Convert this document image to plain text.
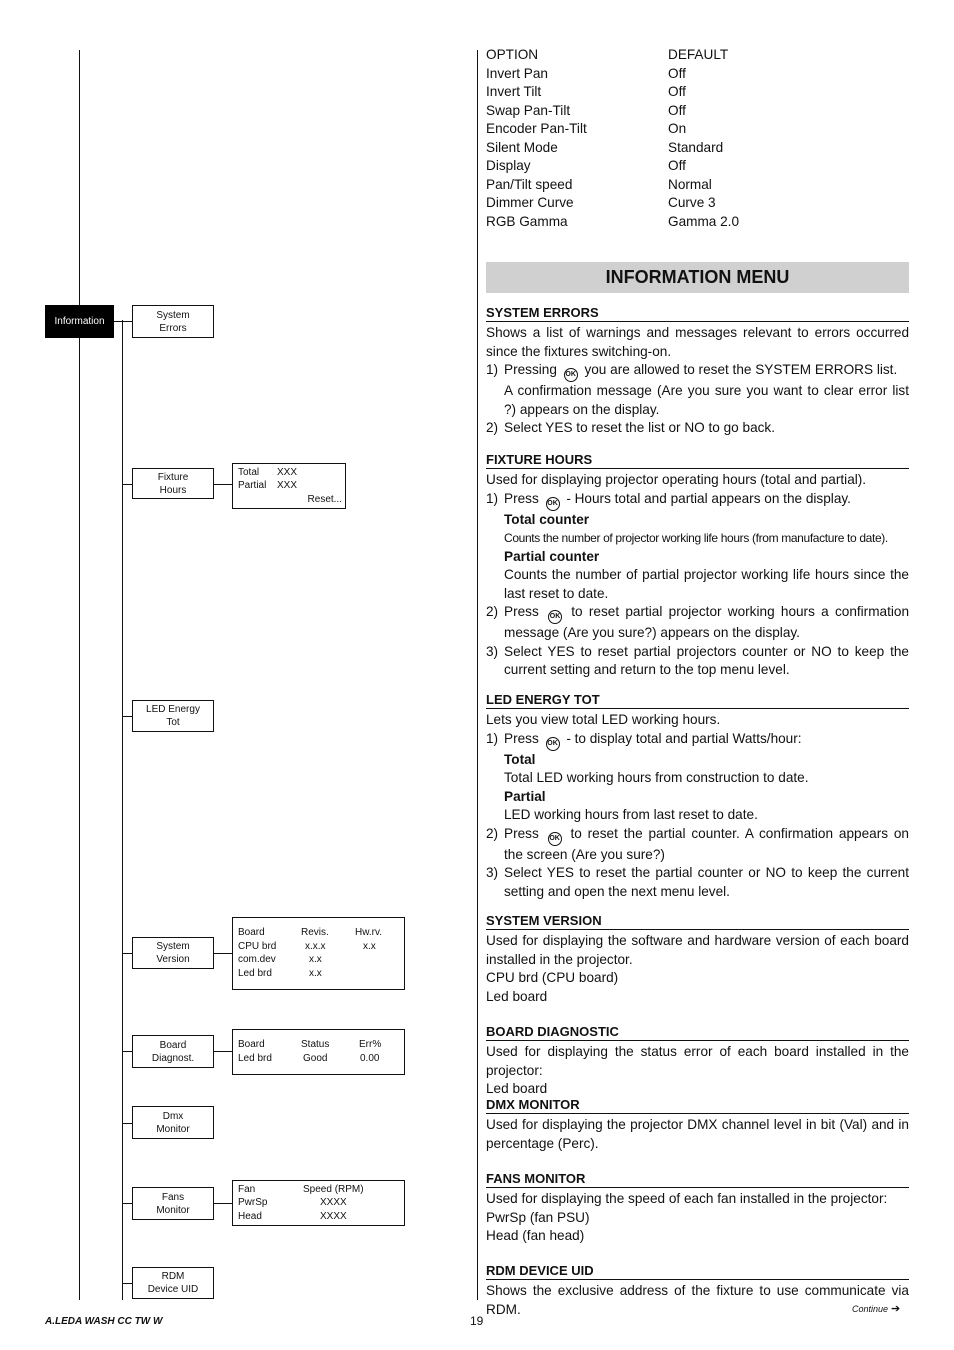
Information
System
Errors
Fixture
Hours
LED Energy
Tot
System
Version
Board
Diagnost.
Dmx
Monitor
Fans
Monitor
RDM
Device UID
Total XXX
Partial XXX
Reset...
Board	Revis.	Hw.rv.
CPU brd	x.x.x	x.x
com.dev	x.x
Led brd	x.x
Board	Status	Err%
Led brd	Good	0.00
Fan	Speed (RPM)
PwrSp	XXXX
Head	XXXX
OPTION	DEFAULT
Invert Pan	Off
Invert Tilt	Off
Swap Pan-Tilt	Off
Encoder Pan-Tilt	On
Silent Mode	Standard
Display	Off
Pan/Tilt speed	Normal
Dimmer Curve	Curve 3
RGB Gamma	Gamma 2.0
INFORMATION MENU
SYSTEM ERRORS
Shows a list of warnings and messages relevant to errors occurred since the fixtures switching-on.
1) Pressing OK you are allowed to reset the SYSTEM ERRORS list.
A confirmation message (Are you sure you want to clear error list ?) appears on the display.
2) Select YES to reset the list or NO to go back.
FIXTURE HOURS
Used for displaying projector operating hours (total and partial).
1) Press OK - Hours total and partial appears on the display.
Total counter
Counts the number of projector working life hours (from manufacture to date).
Partial counter
Counts the number of partial projector working life hours since the last reset to date.
2) Press OK to reset partial projector working hours a confirmation message (Are you sure?) appears on the display.
3) Select YES to reset partial projectors counter or NO to keep the current setting and return to the top menu level.
LED ENERGY TOT
Lets you view total LED working hours.
1) Press OK - to display total and partial Watts/hour:
Total
Total LED working hours from construction to date.
Partial
LED working hours from last reset to date.
2) Press OK to reset the partial counter. A confirmation appears on the screen (Are you sure?)
3) Select YES to reset the partial counter or NO to keep the current setting and open the next menu level.
SYSTEM VERSION
Used for displaying the software and hardware version of each board installed in the projector.
CPU brd (CPU board)
Led board
BOARD DIAGNOSTIC
Used for displaying the status error of each board installed in the projector:
Led board
DMX MONITOR
Used for displaying the projector DMX channel level in bit (Val) and in percentage (Perc).
FANS MONITOR
Used for displaying the speed of each fan installed in the projector:
PwrSp (fan PSU)
Head (fan head)
RDM DEVICE UID
Shows the exclusive address of the fixture to use communicate via RDM.	Continue ➔
A.LEDA WASH CC TW W	19
